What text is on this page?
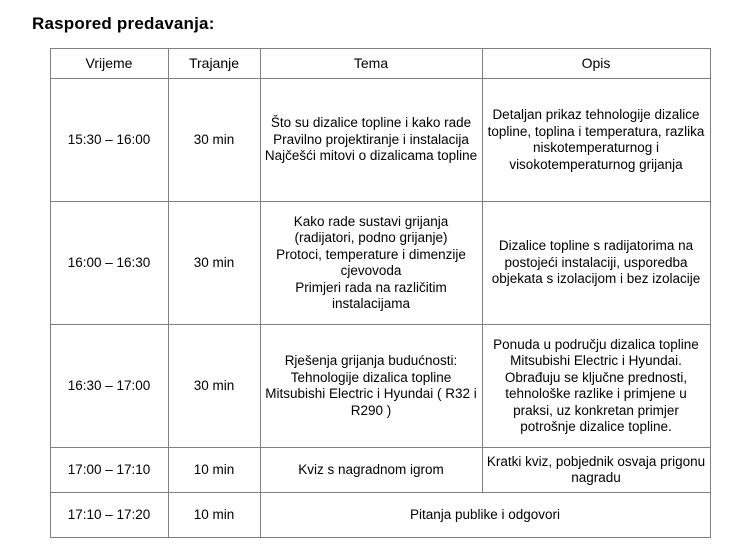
Raspored predavanja:
Vrijeme	Trajanje	Tema	Opis
15:30 – 16:00	30 min	Što su dizalice topline i kako rade
Pravilno projektiranje i instalacija
Najčešći mitovi o dizalicama topline	Detaljan prikaz tehnologije dizalice topline, toplina i temperatura, razlika niskotemperaturnog i visokotemperaturnog grijanja

16:00 – 16:30	30 min	Kako rade sustavi grijanja (radijatori, podno grijanje)
Protoci, temperature i dimenzije cjevovoda
Primjeri rada na različitim instalacijama	Dizalice topline s radijatorima na postojeći instalaciji, usporedba objekata s izolacijom i bez izolacije

16:30 – 17:00	30 min	Rješenja grijanja budućnosti: Tehnologije dizalica topline Mitsubishi Electric i Hyundai ( R32 i R290 )	Ponuda u području dizalica topline Mitsubishi Electric i Hyundai.
Obrađuju se ključne prednosti, tehnološke razlike i primjene u praksi, uz konkretan primjer potrošnje dizalice topline.

17:00 – 17:10	10 min	Kviz s nagradnom igrom	Kratki kviz, pobjednik osvaja prigonu nagradu
17:10 – 17:20	10 min	Pitanja publike i odgovori	
